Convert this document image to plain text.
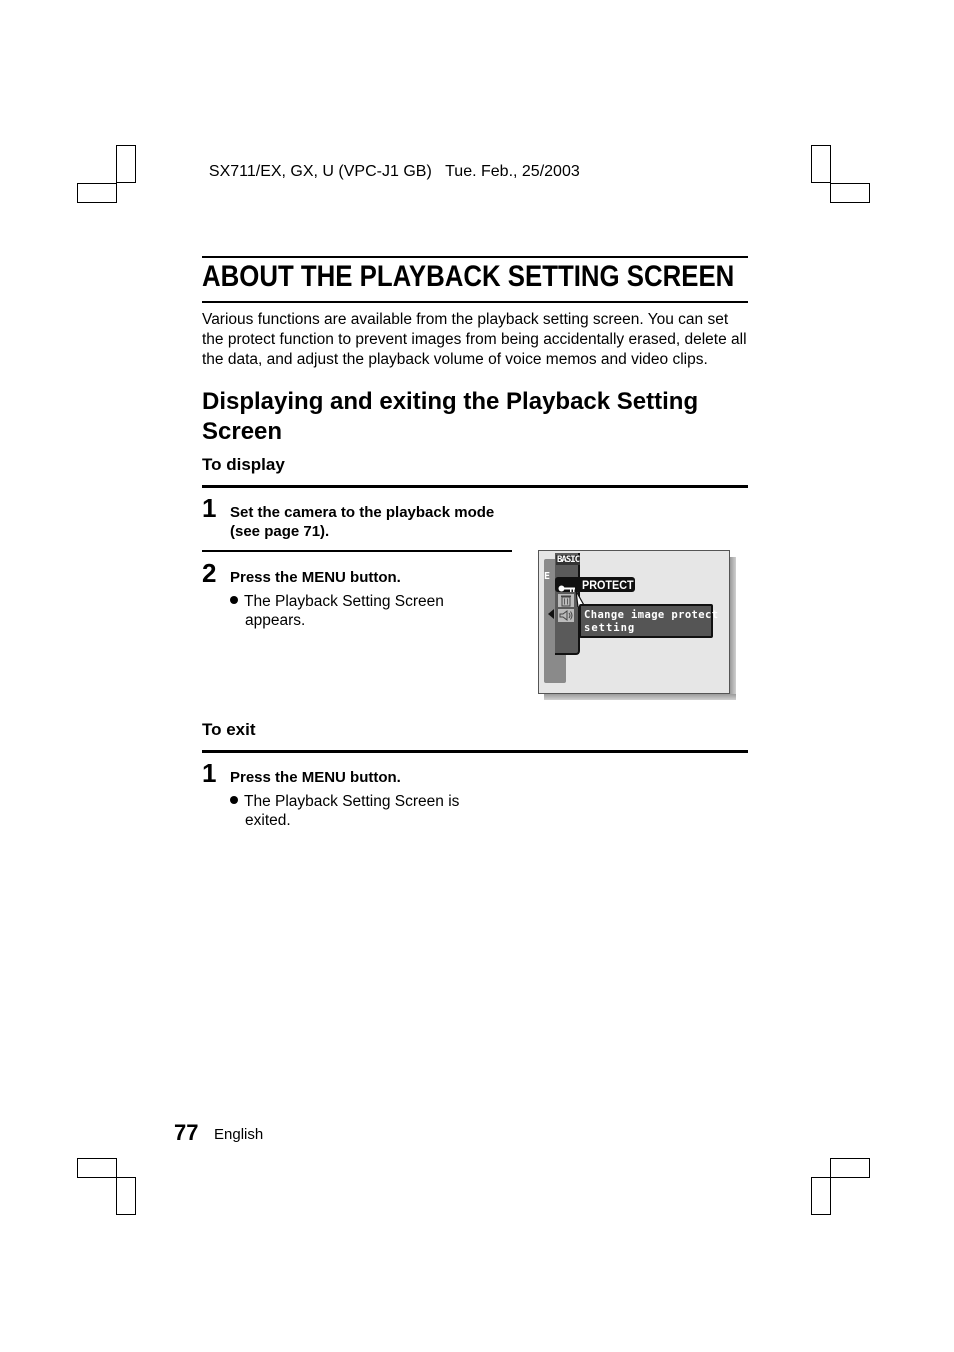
SX711/EX, GX, U (VPC-J1 GB) Tue. Feb., 25/2003

ABOUT THE PLAYBACK SETTING SCREEN
Various functions are available from the playback setting screen. You can set the protect function to prevent images from being accidentally erased, delete all the data, and adjust the playback volume of voice memos and video clips.
Displaying and exiting the Playback Setting
Screen
To display
1 Set the camera to the playback mode
(see page 71).
2 Press the MENU button.
The Playback Setting Screen
appears.
E
BASIC
PROTECT
Change image protect
setting
To exit
1 Press the MENU button.
The Playback Setting Screen is
exited.
77 English
